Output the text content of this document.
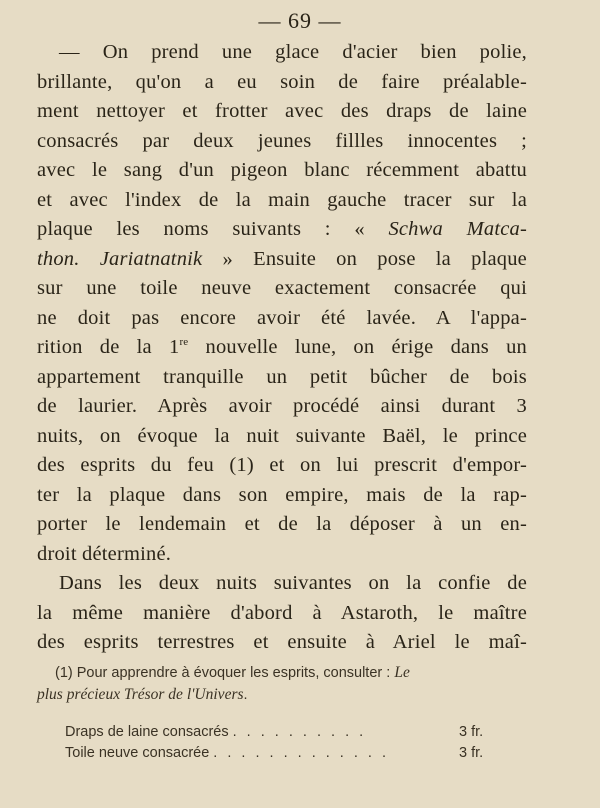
— 69 —
— On prend une glace d'acier bien polie,
brillante, qu'on a eu soin de faire préalable-
ment nettoyer et frotter avec des draps de laine
consacrés par deux jeunes fillles innocentes ;
avec le sang d'un pigeon blanc récemment abattu
et avec l'index de la main gauche tracer sur la
plaque les noms suivants : « Schwa Matca-
thon. Jariatnatnik » Ensuite on pose la plaque
sur une toile neuve exactement consacrée qui
ne doit pas encore avoir été lavée. A l'appa-
rition de la 1re nouvelle lune, on érige dans un
appartement tranquille un petit bûcher de bois
de laurier. Après avoir procédé ainsi durant 3
nuits, on évoque la nuit suivante Baël, le prince
des esprits du feu (1) et on lui prescrit d'empor-
ter la plaque dans son empire, mais de la rap-
porter le lendemain et de la déposer à un en-
droit déterminé.
Dans les deux nuits suivantes on la confie de
la même manière d'abord à Astaroth, le maître
des esprits terrestres et ensuite à Ariel le maî-
(1) Pour apprendre à évoquer les esprits, consulter : Le
plus précieux Trésor de l'Univers.
Draps de laine consacrés . . . . . . . . . .	3 fr.
Toile neuve consacrée . . . . . . . . . . . . .	3 fr.
